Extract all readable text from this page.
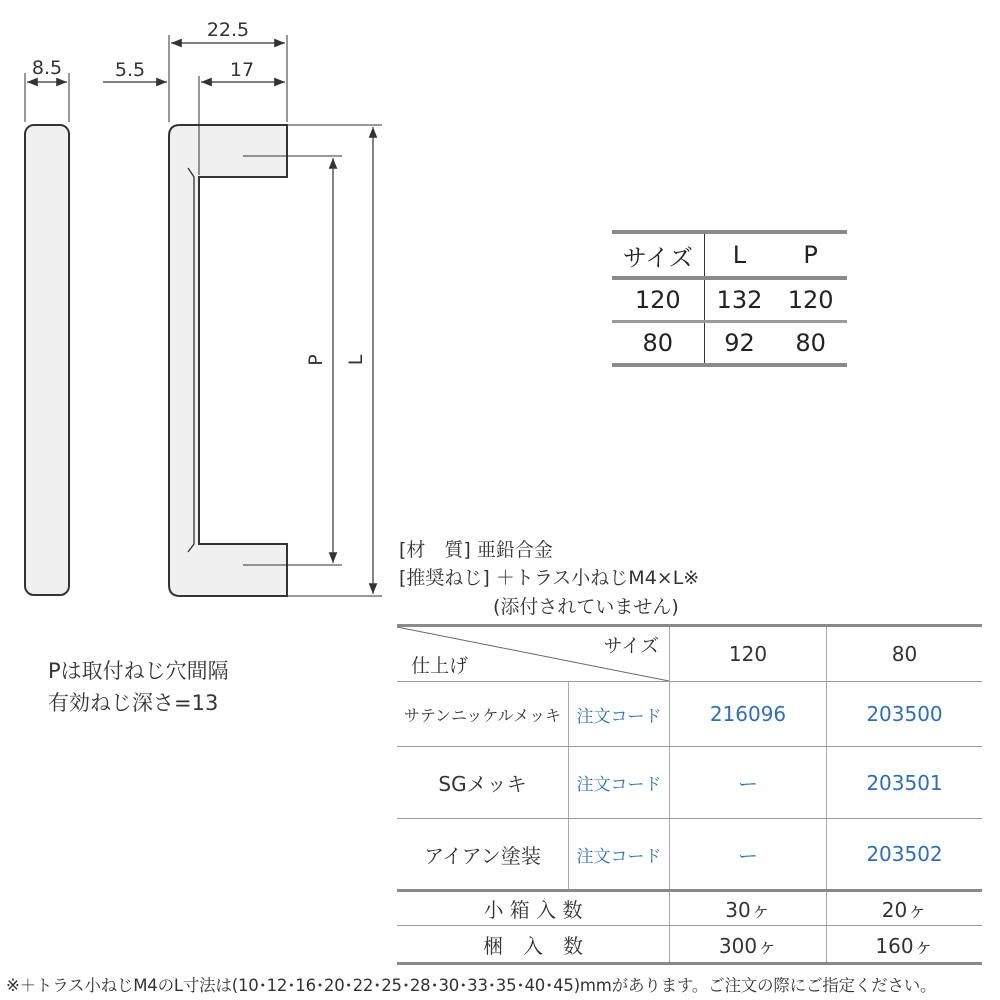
8.5
22.5
5.5	17
P L
サイズ	L	P
120	132	120
80	92	80
[材　質] 亜鉛合金
[推奨ねじ] ＋トラス小ねじM4×L※
(添付されていません)
Pは取付ねじ穴間隔
有効ねじ深さ=13
仕上げ
サイズ	120	80
サテンニッケルメッキ 注文コード	216096	203500
SGメッキ	注文コード	ー	203501
アイアン塗装	注文コード	ー	203502
小 箱 入 数	30ヶ	20ヶ
梱　入　数	300ヶ	160ヶ
※＋トラス小ねじM4のL寸法は(10･12･16･20･22･25･28･30･33･35･40･45)mmがあります。ご注文の際にご指定ください。
